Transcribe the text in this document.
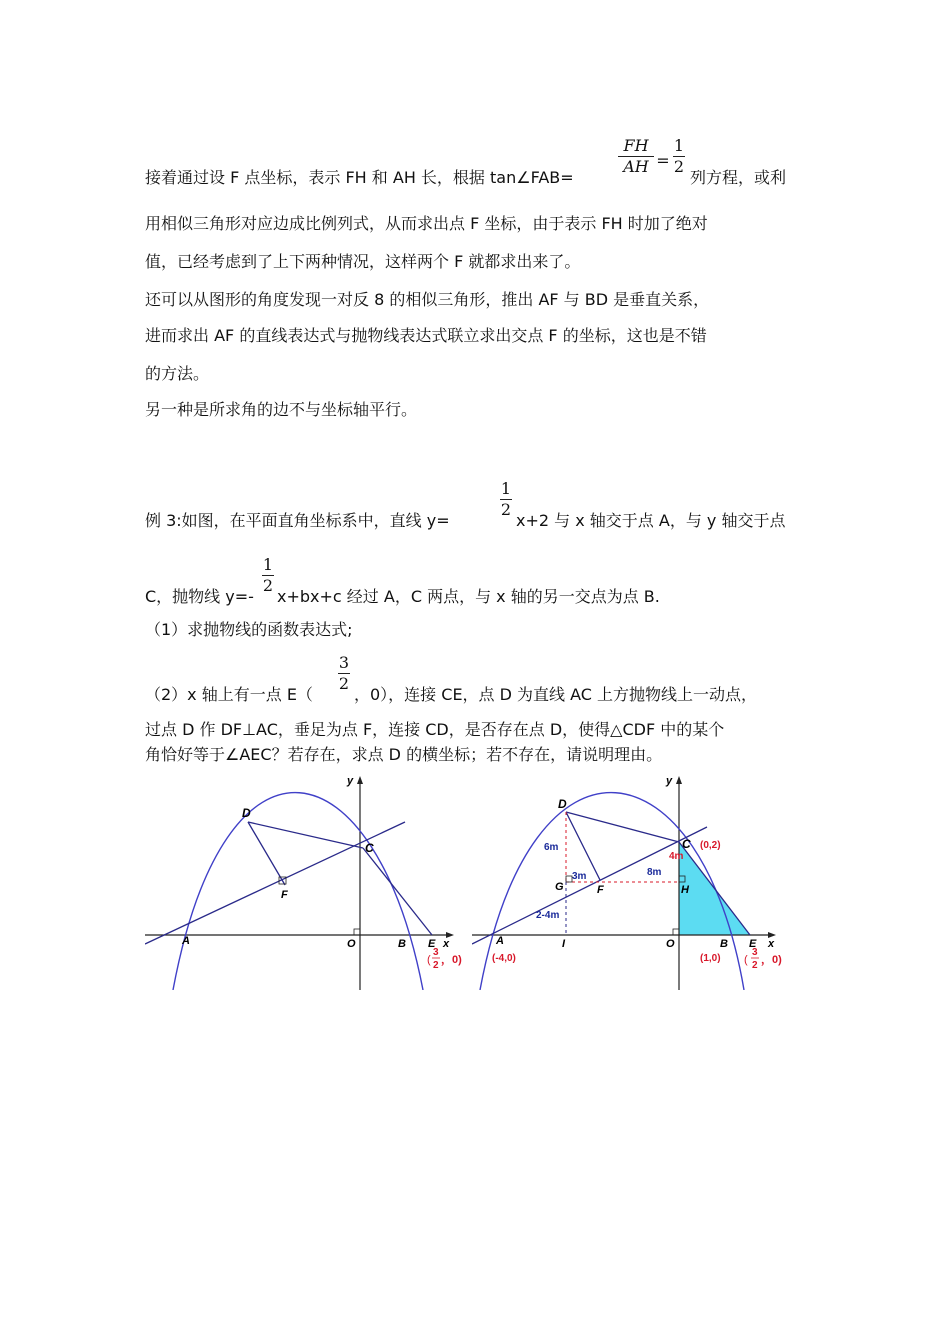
FH
AH =
1
2
接着通过设 F 点坐标，表示 FH 和 AH 长，根据 tan∠FAB=	列方程，或利
用相似三角形对应边成比例列式，从而求出点 F 坐标，由于表示 FH 时加了绝对
值，已经考虑到了上下两种情况，这样两个 F 就都求出来了。
还可以从图形的角度发现一对反 8 的相似三角形，推出 AF 与 BD 是垂直关系，
进而求出 AF 的直线表达式与抛物线表达式联立求出交点 F 的坐标，这也是不错
的方法。
另一种是所求角的边不与坐标轴平行。
1
2
例 3:如图，在平面直角坐标系中，直线 y=	x+2 与 x 轴交于点 A，与 y 轴交于点
1
2
C，抛物线 y=- x+bx+c 经过 A，C 两点，与 x 轴的另一交点为点 B.
（1）求抛物线的函数表达式;
3
2
（2）x 轴上有一点 E（	，0），连接 CE，点 D 为直线 AC 上方抛物线上一动点，
过点 D 作 DF⊥AC，垂足为点 F，连接 CD，是否存在点 D，使得△CDF 中的某个
角恰好等于∠AEC？若存在，求点 D 的横坐标；若不存在，请说明理由。
D
C
F
A	O	B E x
y
(
3
2 ，0)
D
C
F
G	H
A	I	O	B E x
y
(0,2)
(-4,0)	(1,0)
6m
4m
3m	8m
2-4m
(
3
2 ，0)
